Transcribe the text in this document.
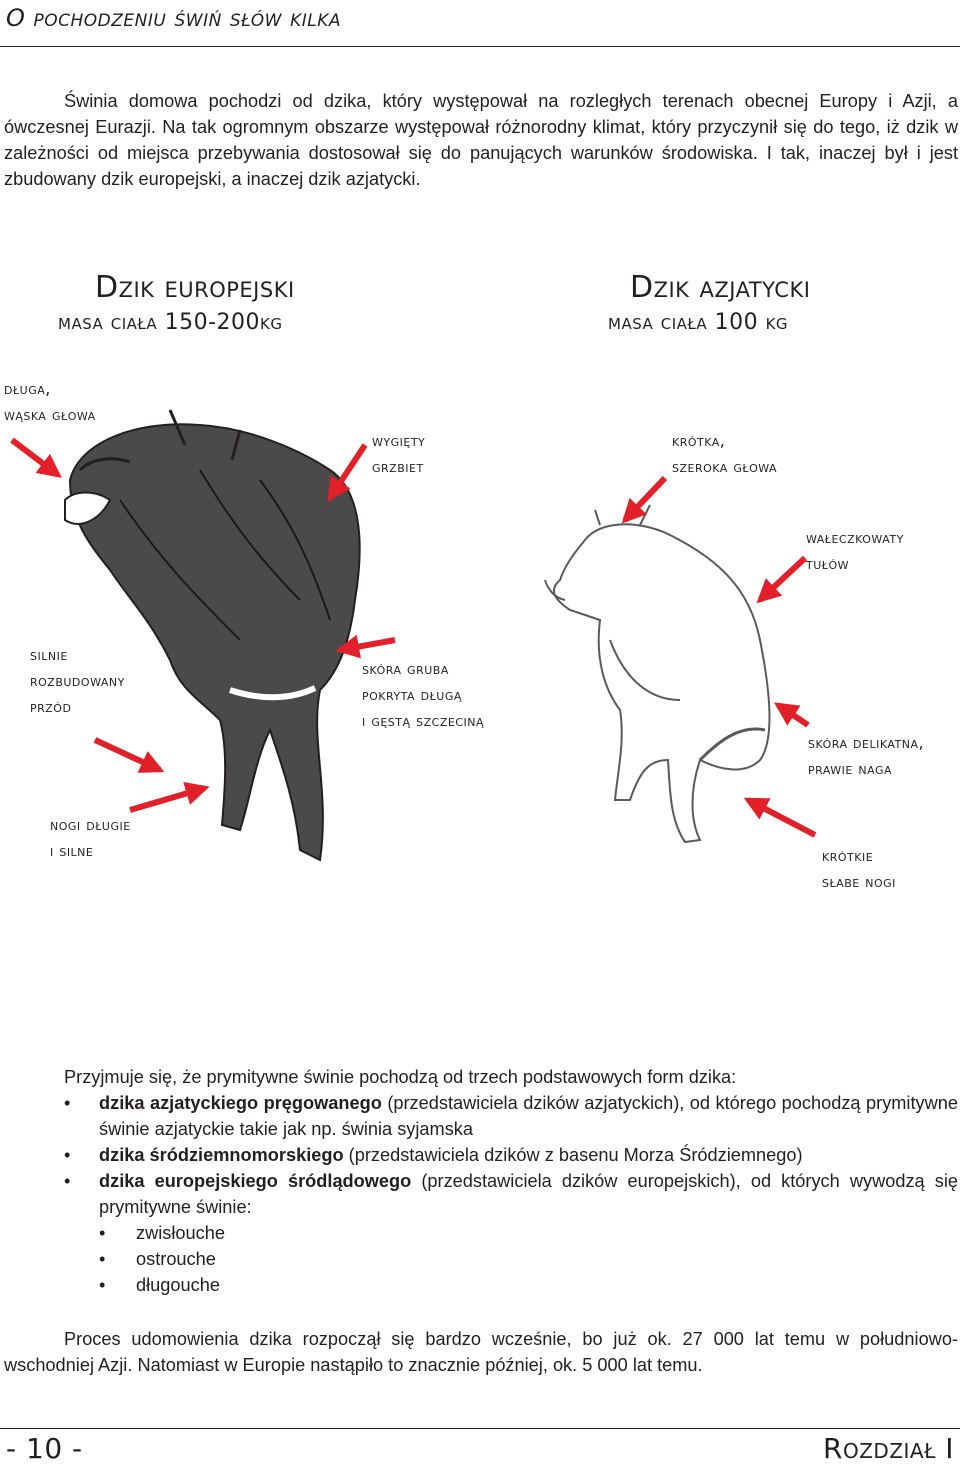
O pochodzeniu świń słów kilka

Świnia domowa pochodzi od dzika, który występował na rozległych terenach obecnej Europy i Azji, a ówczesnej Eurazji. Na tak ogromnym obszarze występował różnorodny klimat, który przyczynił się do tego, iż dzik w zależności od miejsca przebywania dostosował się do panujących warunków środowiska. I tak, inaczej był i jest zbudowany dzik europejski, a inaczej dzik azjatycki.

Dzik europejski
masa ciała 150-200kg
długa,
wąska głowa
wygięty
grzbiet
silnie
rozbudowany
przód
skóra gruba
pokryta długą
i gęstą szczeciną
nogi długie
i silne
Dzik azjatycki
masa ciała 100 kg
krótka,
szeroka głowa
wałeczkowaty
tułów
skóra delikatna,
prawie naga
krótkie
słabe nogi

Przyjmuje się, że prymitywne świnie pochodzą od trzech podstawowych form dzika:

• dzika azjatyckiego pręgowanego (przedstawiciela dzików azjatyckich), od którego pochodzą prymitywne świnie azjatyckie takie jak np. świnia syjamska
• dzika śródziemnomorskiego (przedstawiciela dzików z basenu Morza Śródziemnego)
• dzika europejskiego śródlądowego (przedstawiciela dzików europejskich), od których wywodzą się prymitywne świnie:
• zwisłouche
• ostrouche
• długouche

Proces udomowienia dzika rozpoczął się bardzo wcześnie, bo już ok. 27 000 lat temu w południowo-wschodniej Azji. Natomiast w Europie nastąpiło to znacznie później, ok. 5 000 lat temu.

- 10 -	Rozdział I
